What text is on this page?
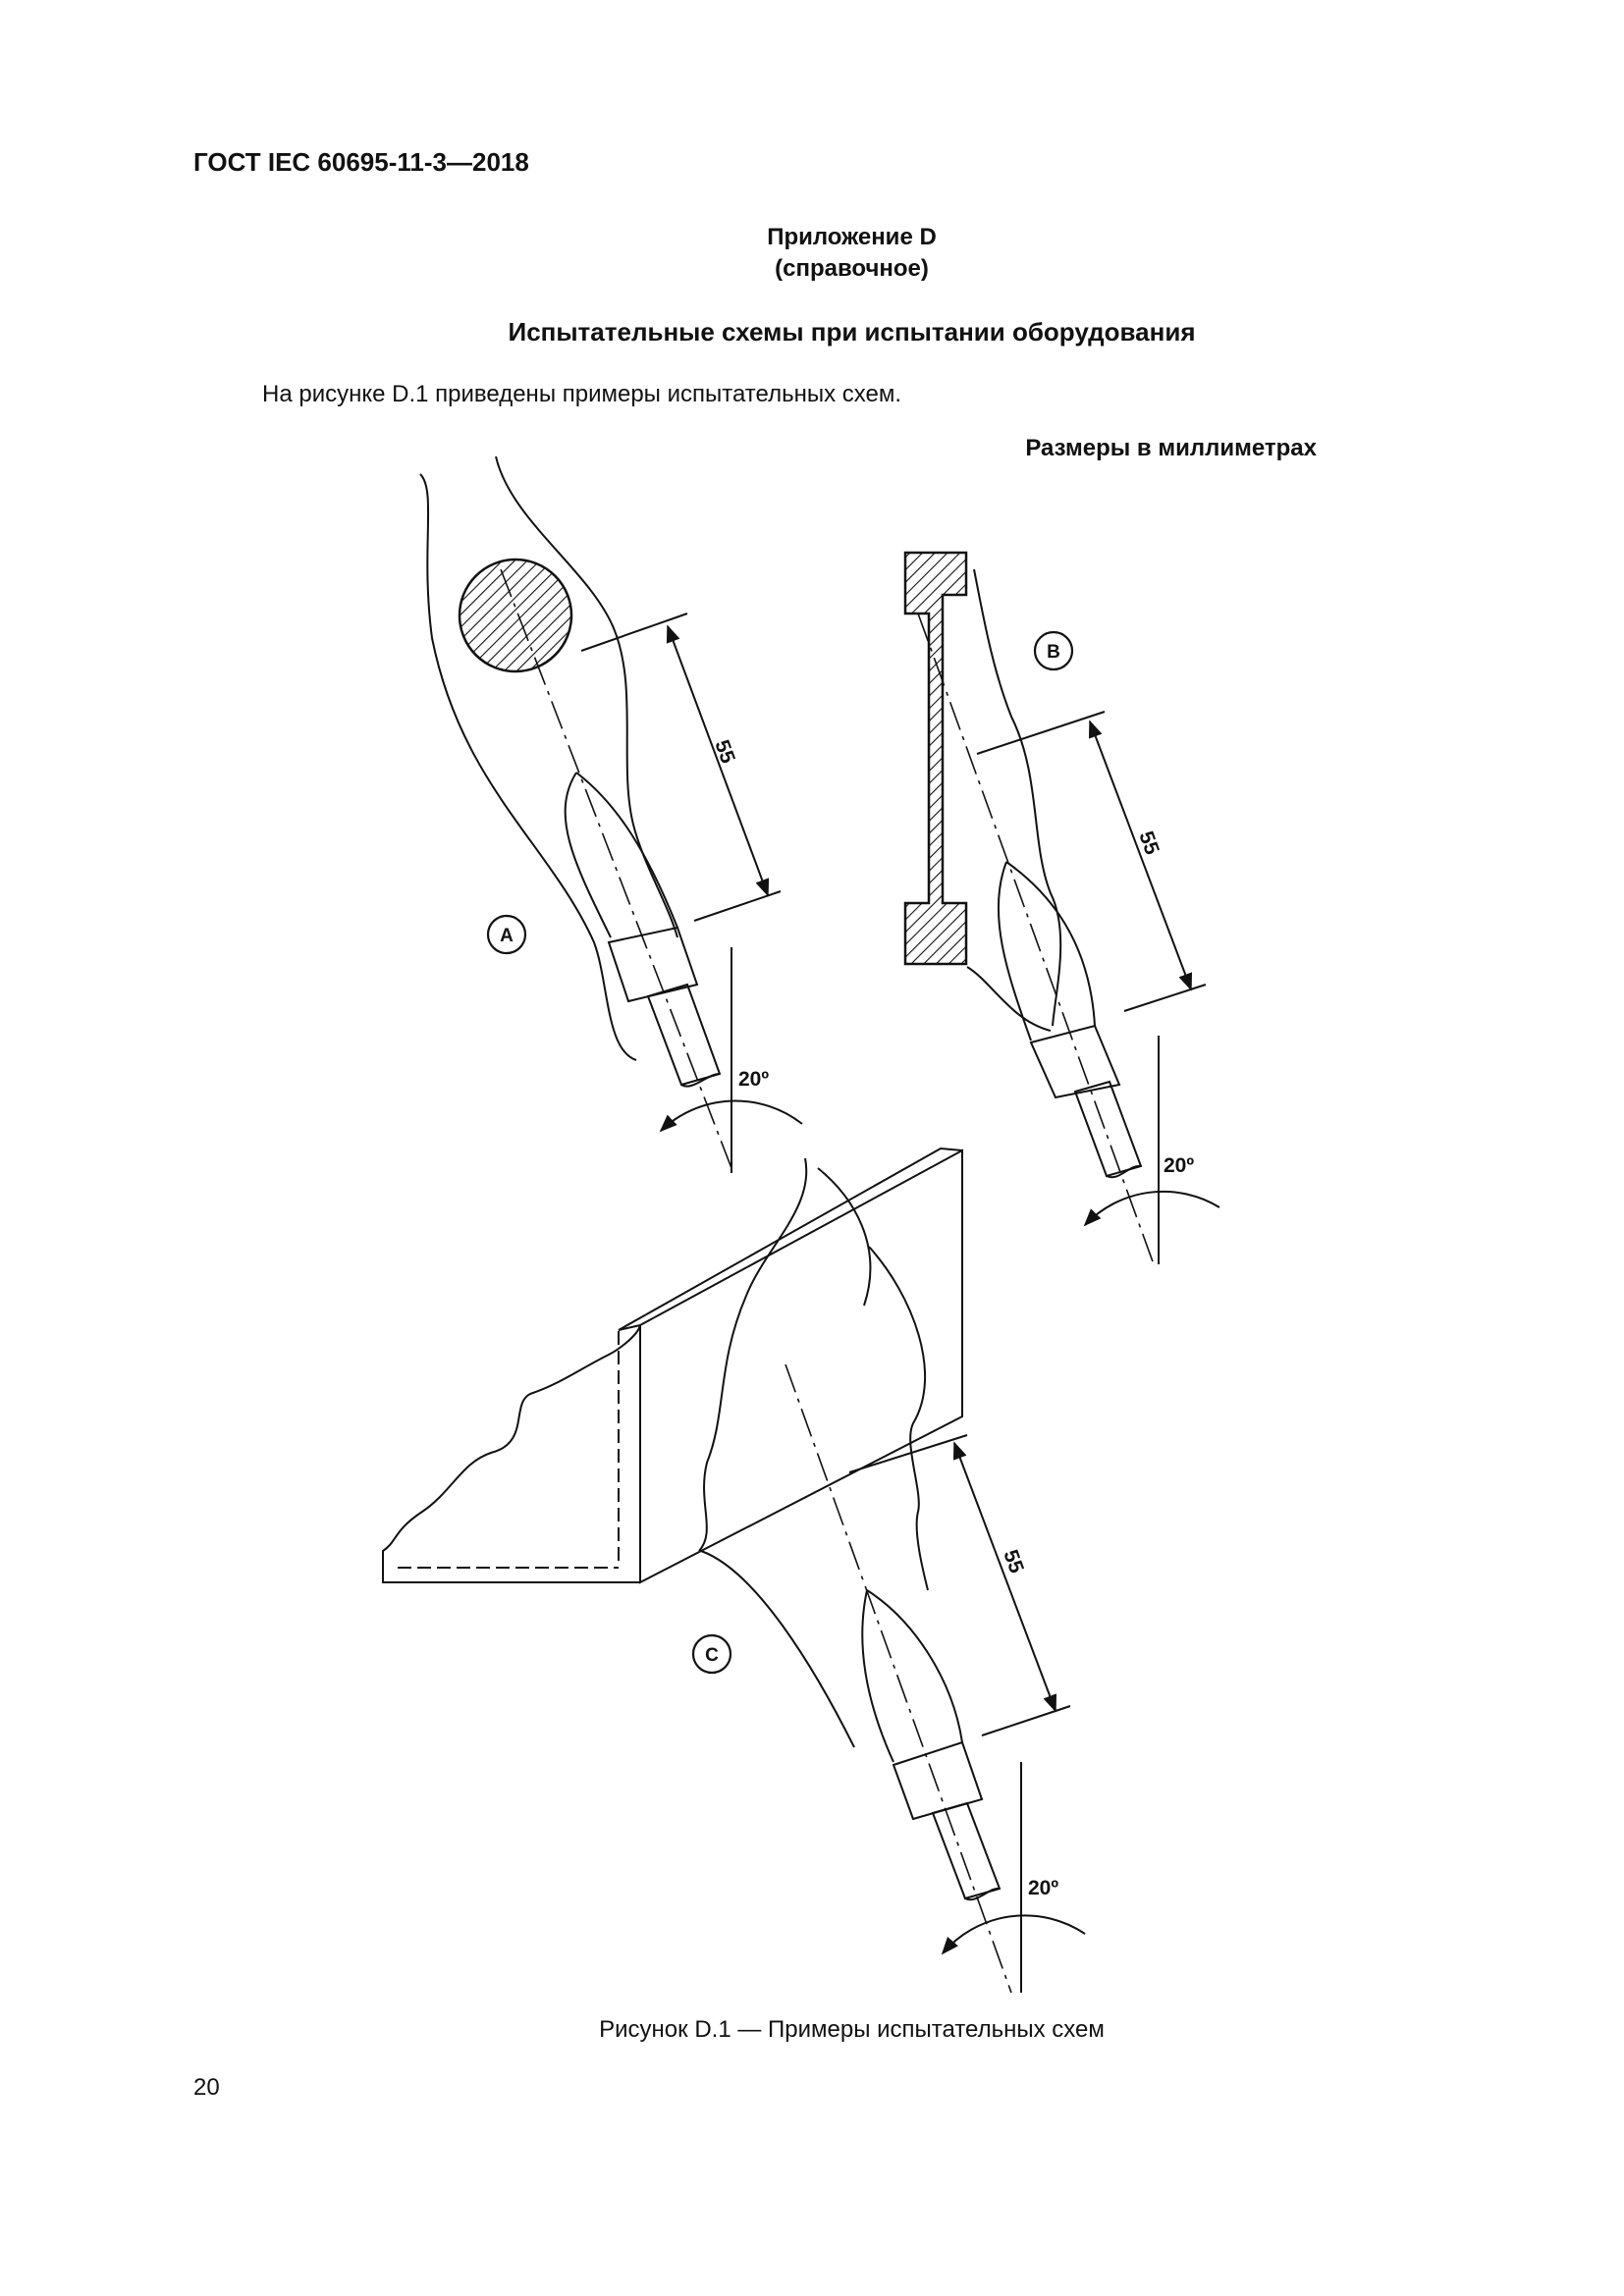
ГОСТ IEC 60695-11-3—2018
Приложение D
(справочное)
Испытательные схемы при испытании оборудования
На рисунке D.1 приведены примеры испытательных схем.
Размеры в миллиметрах
55
20º
A
55
20º
B
55
20º
C
Рисунок D.1 — Примеры испытательных схем
20
